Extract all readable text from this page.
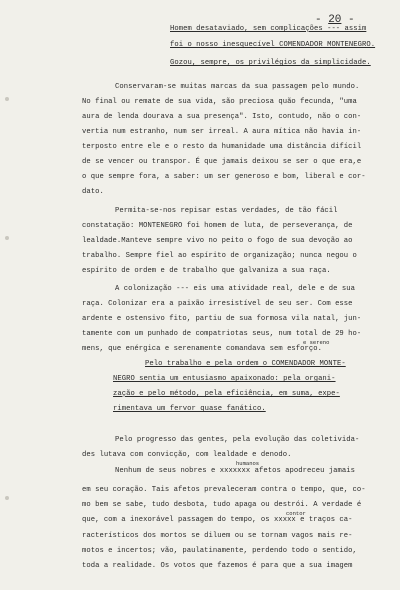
- 20 -
Homem desataviado, sem complicações --- assim
foi o nosso inesquecível COMENDADOR MONTENEGRO.
Gozou, sempre, os privilégios da simplicidade.
Conservaram-se muitas marcas da sua passagem pelo mundo.
No final ou remate de sua vida, são preciosa quão fecunda, "uma
aura de lenda dourava a sua presença". Isto, contudo, não o con-
vertia num estranho, num ser irreal. A aura mítica não havia in-
terposto entre ele e o resto da humanidade uma distância difícil
de se vencer ou transpor. É que jamais deixou se ser o que era,e
o que sempre fora, a saber: um ser generoso e bom, liberal e cor-
dato.
Permita-se-nos repisar estas verdades, de tão fácil
constatação: MONTENEGRO foi homem de luta, de perseverança, de
lealdade.Manteve sempre vivo no peito o fogo de sua devoção ao
trabalho. Sempre fiel ao espírito de organização; nunca negou o
espírito de ordem e de trabalho que galvaniza a sua raça.
A colonização --- eis uma atividade real, dele e de sua
raça. Colonizar era a paixão irresistível de seu ser. Com esse
ardente e ostensivo fito, partiu de sua formosa vila natal, jun-
tamente com um punhado de compatriotas seus, num total de 29 ho-
e sereno
mens, que enérgica e serenamente comandava sem esforço.
Pelo trabalho e pela ordem o COMENDADOR MONTE-
NEGRO sentia um entusiasmo apaixonado: pela organi-
zação e pelo método, pela eficiência, em suma, expe-
rimentava um fervor quase fanático.
Pelo progresso das gentes, pela evolução das coletivida-
des lutava com convicção, com lealdade e denodo.
humanos
Nenhum de seus nobres e xxxxxxx afetos apodreceu jamais
em seu coração. Tais afetos prevaleceram contra o tempo, que, co-
mo bem se sabe, tudo desbota, tudo apaga ou destrói. A verdade é
contor
que, com a inexorável passagem do tempo, os xxxxx e traços ca-
racterísticos dos mortos se diluem ou se tornam vagos mais re-
motos e incertos; vão, paulatinamente, perdendo todo o sentido,
toda a realidade. Os votos que fazemos é para que a sua imagem
